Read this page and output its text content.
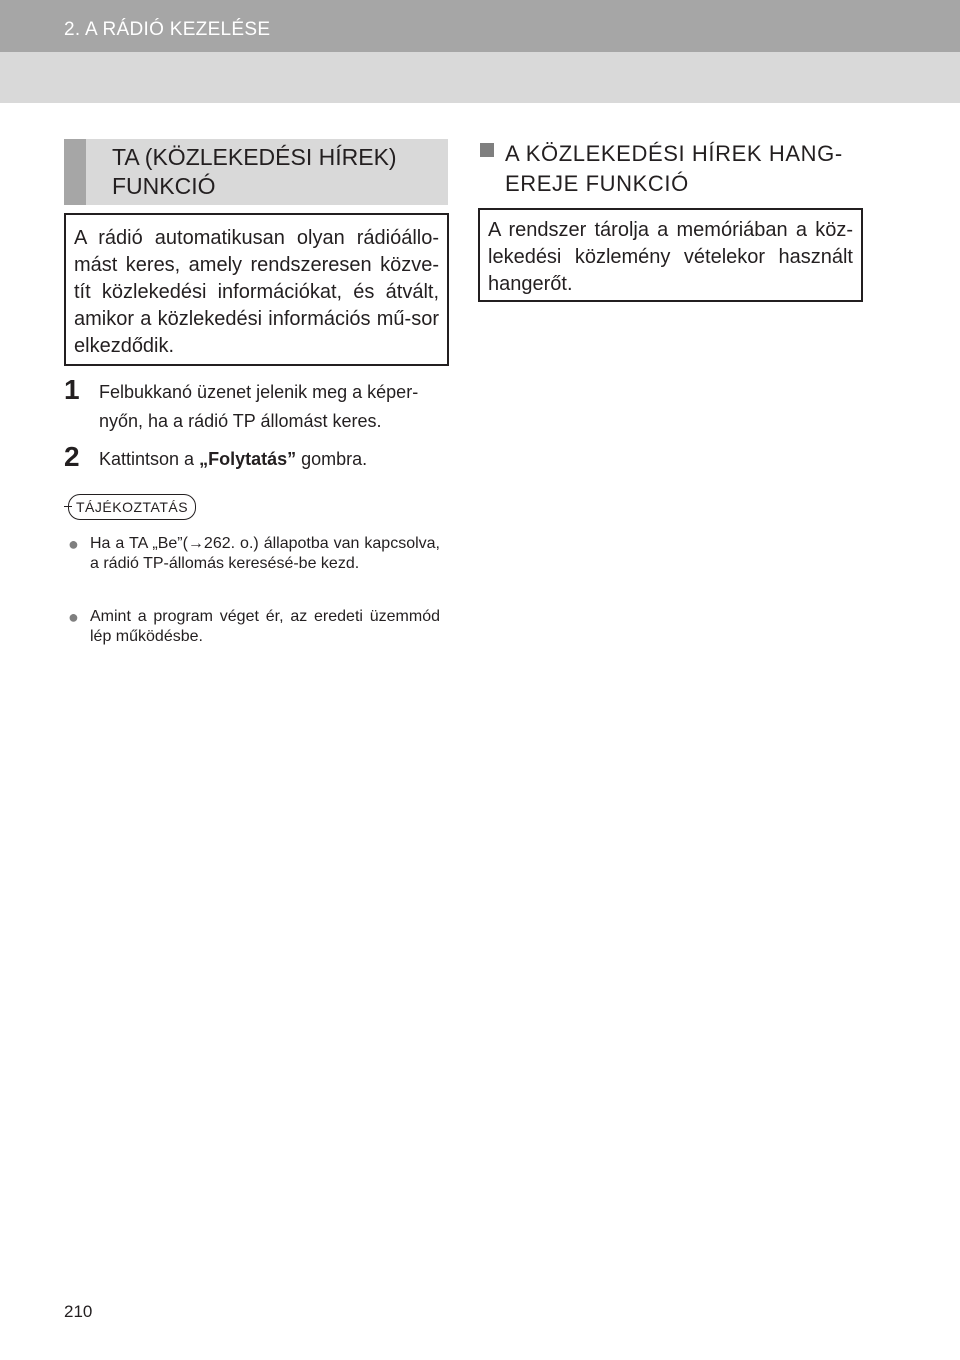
2. A RÁDIÓ KEZELÉSE
TA (KÖZLEKEDÉSI HÍREK)
FUNKCIÓ
A rádió automatikusan olyan rádióállo-mást keres, amely rendszeresen közve-tít közlekedési információkat, és átvált, amikor a közlekedési információs mű-sor elkezdődik.
1 Felbukkanó üzenet jelenik meg a képer-nyőn, ha a rádió TP állomást keres.
2 Kattintson a „Folytatás” gombra.
TÁJÉKOZTATÁS
● Ha a TA „Be”(→262. o.) állapotba van kapcsolva, a rádió TP-állomás keresésé-be kezd.
● Amint a program véget ér, az eredeti üzemmód lép működésbe.
A KÖZLEKEDÉSI HÍREK HANG-
EREJE FUNKCIÓ
A rendszer tárolja a memóriában a köz-lekedési közlemény vételekor használt hangerőt.
210
